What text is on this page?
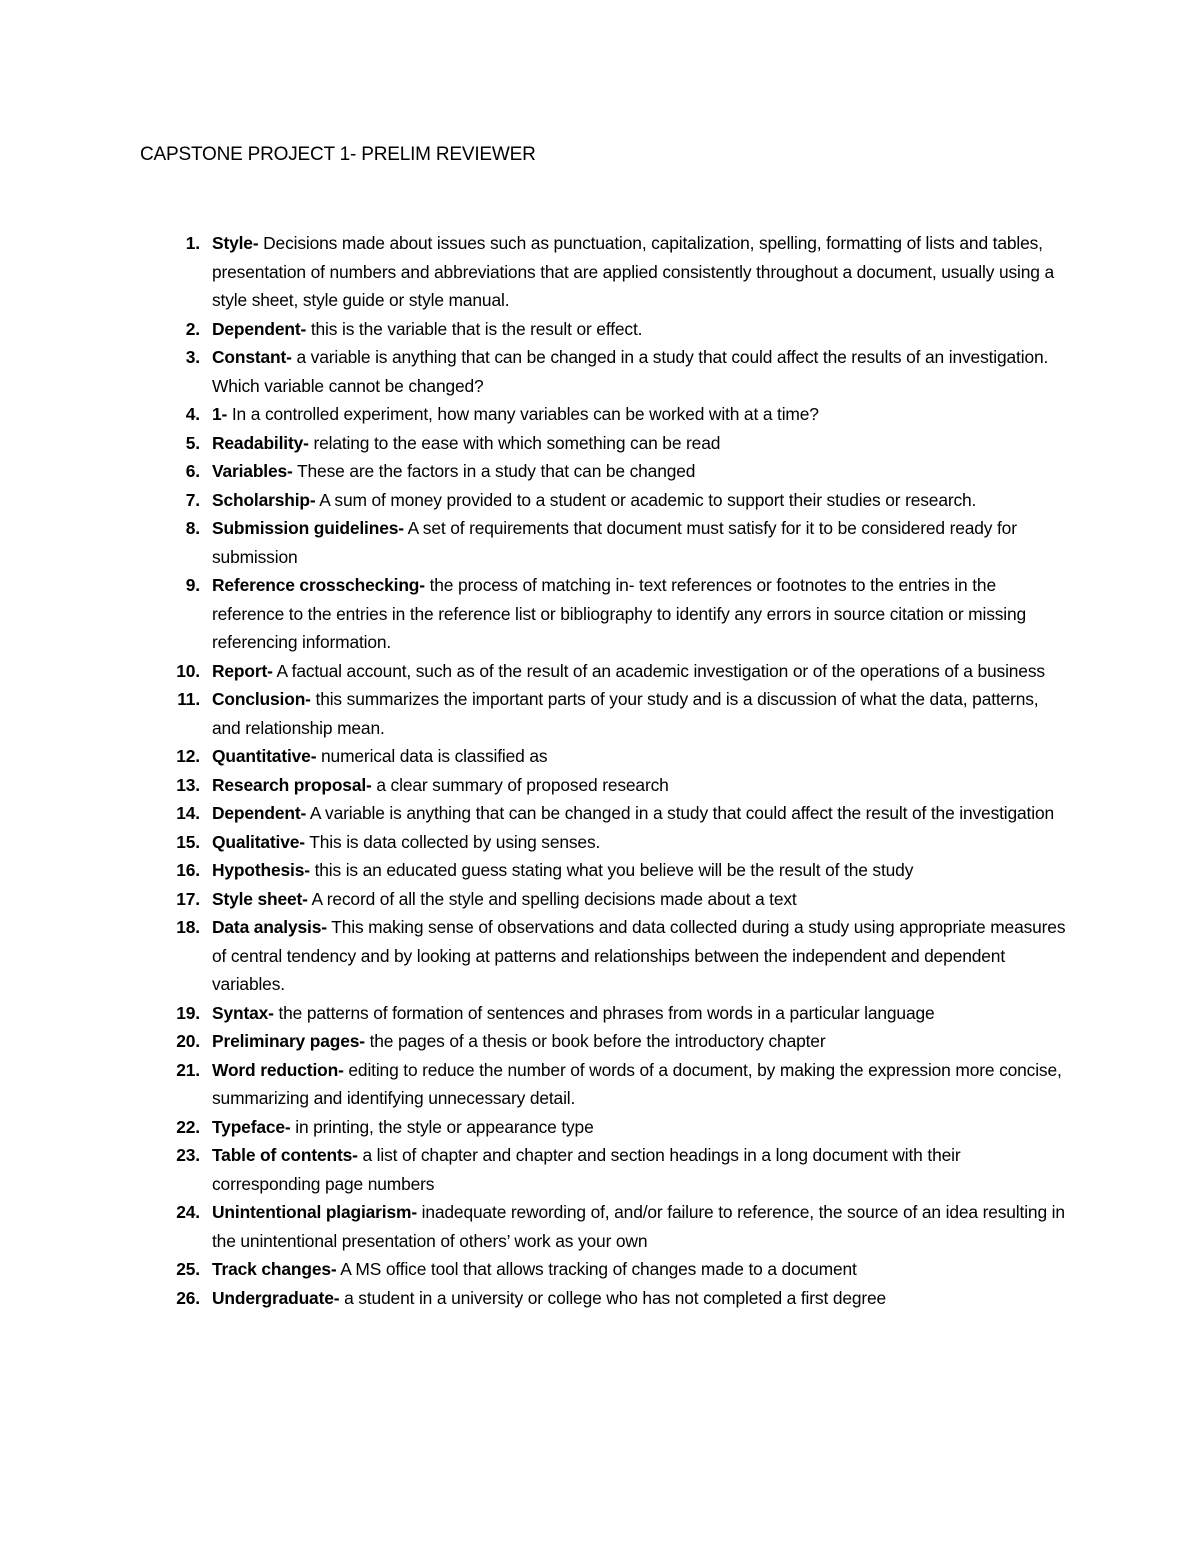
CAPSTONE PROJECT 1- PRELIM REVIEWER
1. Style- Decisions made about issues such as punctuation, capitalization, spelling, formatting of lists and tables, presentation of numbers and abbreviations that are applied consistently throughout a document, usually using a style sheet, style guide or style manual.
2. Dependent- this is the variable that is the result or effect.
3. Constant- a variable is anything that can be changed in a study that could affect the results of an investigation. Which variable cannot be changed?
4. 1- In a controlled experiment, how many variables can be worked with at a time?
5. Readability- relating to the ease with which something can be read
6. Variables- These are the factors in a study that can be changed
7. Scholarship- A sum of money provided to a student or academic to support their studies or research.
8. Submission guidelines- A set of requirements that document must satisfy for it to be considered ready for submission
9. Reference crosschecking- the process of matching in- text references or footnotes to the entries in the reference to the entries in the reference list or bibliography to identify any errors in source citation or missing referencing information.
10. Report- A factual account, such as of the result of an academic investigation or of the operations of a business
11. Conclusion- this summarizes the important parts of your study and is a discussion of what the data, patterns, and relationship mean.
12. Quantitative- numerical data is classified as
13. Research proposal- a clear summary of proposed research
14. Dependent- A variable is anything that can be changed in a study that could affect the result of the investigation
15. Qualitative- This is data collected by using senses.
16. Hypothesis- this is an educated guess stating what you believe will be the result of the study
17. Style sheet- A record of all the style and spelling decisions made about a text
18. Data analysis- This making sense of observations and data collected during a study using appropriate measures of central tendency and by looking at patterns and relationships between the independent and dependent variables.
19. Syntax- the patterns of formation of sentences and phrases from words in a particular language
20. Preliminary pages- the pages of a thesis or book before the introductory chapter
21. Word reduction- editing to reduce the number of words of a document, by making the expression more concise, summarizing and identifying unnecessary detail.
22. Typeface- in printing, the style or appearance type
23. Table of contents- a list of chapter and chapter and section headings in a long document with their corresponding page numbers
24. Unintentional plagiarism- inadequate rewording of, and/or failure to reference, the source of an idea resulting in the unintentional presentation of others’ work as your own
25. Track changes- A MS office tool that allows tracking of changes made to a document
26. Undergraduate- a student in a university or college who has not completed a first degree
